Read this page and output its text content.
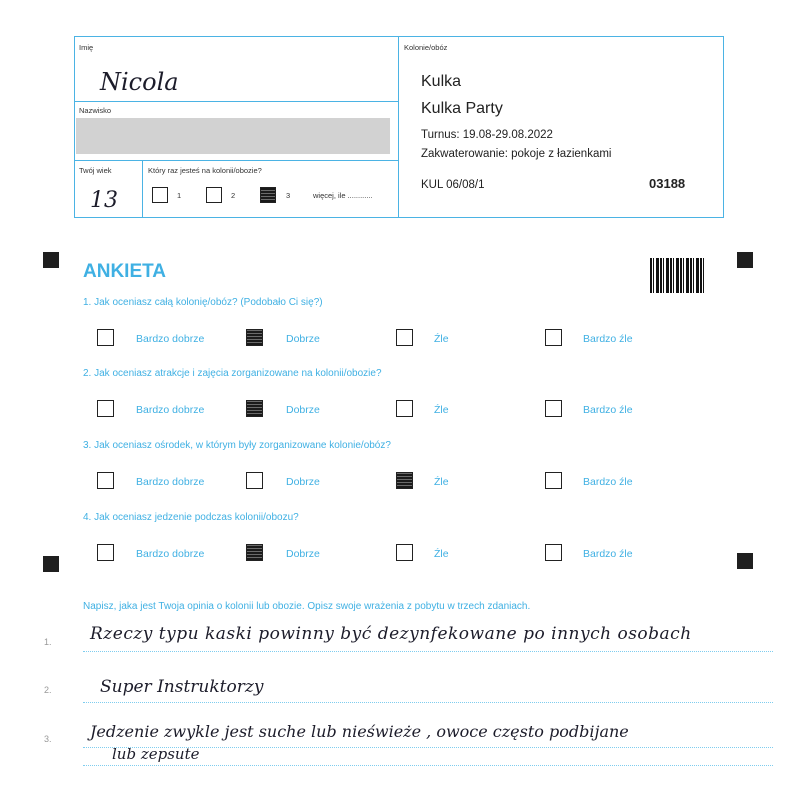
Imię
Nicola
Nazwisko
Twój wiek
13
Który raz jesteś na kolonii/obozie?
1	2	3	więcej, ile ............
Kolonie/obóz
Kulka
Kulka Party
Turnus: 19.08-29.08.2022
Zakwaterowanie: pokoje z łazienkami
KUL 06/08/1	03188
ANKIETA
1. Jak oceniasz całą kolonię/obóz? (Podobało Ci się?)
Bardzo dobrze	Dobrze	Źle	Bardzo źle
2. Jak oceniasz atrakcje i zajęcia zorganizowane na kolonii/obozie?
Bardzo dobrze	Dobrze	Źle	Bardzo źle
3. Jak oceniasz ośrodek, w którym były zorganizowane kolonie/obóz?
Bardzo dobrze	Dobrze	Źle	Bardzo źle
4. Jak oceniasz jedzenie podczas kolonii/obozu?
Bardzo dobrze	Dobrze	Źle	Bardzo źle
Napisz, jaka jest Twoja opinia o kolonii lub obozie. Opisz swoje wrażenia z pobytu w trzech zdaniach.
1. Rzeczy typu kaski powinny być dezynfekowane po innych osobach
2.	Super Instruktorzy
3. Jedzenie zwykle jest suche lub nieświeże , owoce często podbijane
lub zepsute
